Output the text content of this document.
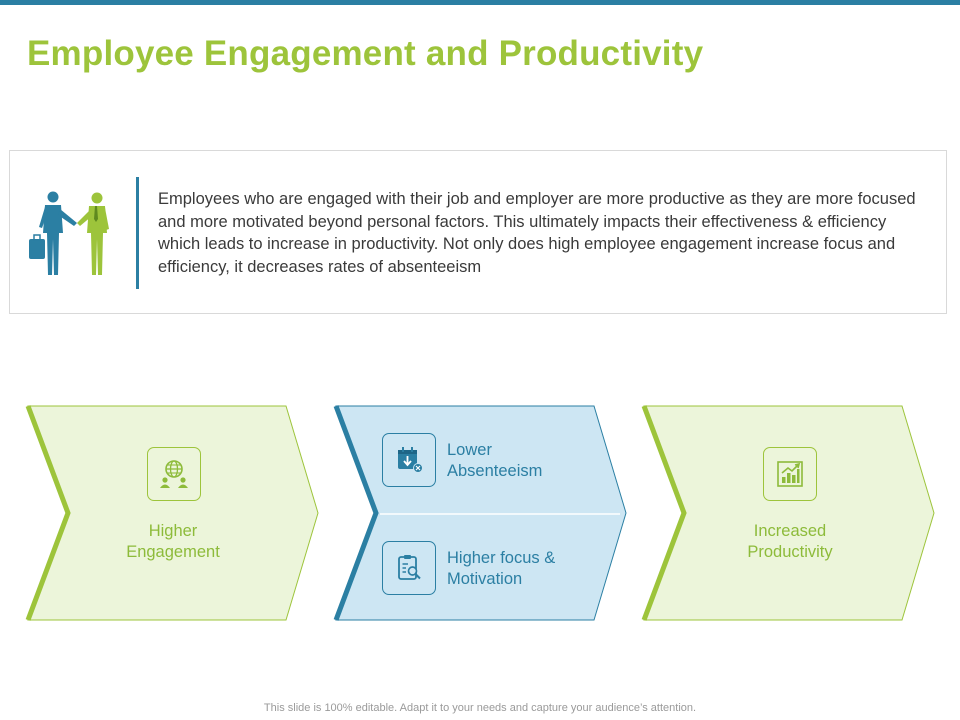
Employee Engagement and Productivity

Employees who are engaged with their job and employer are more productive as they are more focused and more motivated beyond personal factors. This ultimately impacts their effectiveness & efficiency which leads to increase in productivity. Not only does high employee engagement increase focus and efficiency, it decreases rates of absenteeism

Higher
Engagement

Lower
Absenteeism

Higher focus &
Motivation

Increased
Productivity

This slide is 100% editable. Adapt it to your needs and capture your audience’s attention.
